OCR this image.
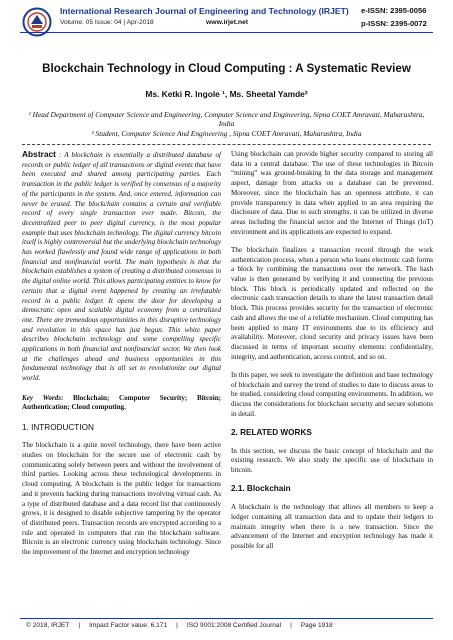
International Research Journal of Engineering and Technology (IRJET)
Volume: 05 Issue: 04 | Apr-2018	www.irjet.net
e-ISSN: 2395-0056
p-ISSN: 2395-0072
Blockchain Technology in Cloud Computing : A Systematic Review
Ms. Ketki R. Ingole ¹, Ms. Sheetal Yamde²
¹ Head Department of Computer Science and Engineering, Computer Science and Engineering, Sipna COET Amravati, Maharashtra, India
² Student, Computer Science And Engineering , Sipna COET Amravati, Maharashtra, India

Abstract : A blockchain is essentially a distributed database of records or public ledger of all transactions or digital events that have been executed and shared among participating parties. Each transaction in the public ledger is verified by consensus of a majority of the participants in the system. And, once entered, information can never be erased. The blockchain contains a certain and verifiable record of every single transaction ever made. Bitcoin, the decentralized peer to peer digital currency, is the most popular example that uses blockchain technology. The digital currency bitcoin itself is highly controversial but the underlying blockchain technology has worked flawlessly and found wide range of applications in both financial and nonfinancial world. The main hypothesis is that the blockchain establishes a system of creating a distributed consensus in the digital online world. This allows participating entities to know for certain that a digital event happened by creating an irrefutable record in a public ledger. It opens the door for developing a democratic open and scalable digital economy from a centralized one. There are tremendous opportunities in this disruptive technology and revolution in this space has just begun. This white paper describes blockchain technology and some compelling specific applications in both financial and nonfinancial sector. We then look at the challenges ahead and business opportunities in this fundamental technology that is all set to revolutionize our digital world.

Key Words: Blockchain; Computer Security; Bitcoin; Authentication; Cloud computing.

1. INTRODUCTION

The blockchain is a quite novel technology, there have been active studies on blockchain for the secure use of electronic cash by communicating solely between peers and without the involvement of third parties. Looking across these technological developments in cloud computing. A blockchain is the public ledger for transactions and it prevents hacking during transactions involving virtual cash. As a type of distributed database and a data record list that continuously grows, it is designed to disable subjective tampering by the operator of distributed peers. Transaction records are encrypted according to a rule and operated in computers that run the blockchain software. Bitcoin is an electronic currency using blockchain technology. Since the improvement of the Internet and encryption technology

Using blockchain can provide higher security compared to storing all data in a central database. The use of these technologies in Bitcoin “mining” was ground-breaking In the data storage and management aspect, damage from attacks on a database can be prevented. Moreover, since the blockchain has an openness attribute, it can provide transparency in data when applied to an area requiring the disclosure of data. Due to such strengths, it can be utilized in diverse areas including the financial sector and the Internet of Things (IoT) environment and its applications are expected to expand.

The blockchain finalizes a transaction record through the work authentication process, when a person who loans electronic cash forms a block by combining the transactions over the network. The hash value is then generated by verifying it and connecting the previous block. This block is periodically updated and reflected on the electronic cash transaction details to share the latest transaction detail block. This process provides security for the transaction of electronic cash and allows the use of a reliable mechanism. Cloud computing has been applied to many IT environments due to its efficiency and availability. Moreover, cloud security and privacy issues have been discussed in terms of important security elements: confidentiality, integrity, and authentication, access control, and so on.

In this paper, we seek to investigate the definition and base technology of blockchain and survey the trend of studies to date to discuss areas to be studied, considering cloud computing environments. In addition, we discuss the considerations for blockchain security and secure solutions in detail.

2. RELATED WORKS

In this section, we discuss the basic concept of blockchain and the existing research. We also study the specific use of blockchain in bitcoin.

2.1. Blockchain

A blockchain is the technology that allows all members to keep a ledger containing all transaction data and to update their ledgers to maintain integrity when there is a new transaction. Since the advancement of the Internet and encryption technology has made it possible for all

© 2018, IRJET | Impact Factor value: 6.171 | ISO 9001:2008 Certified Journal | Page 1918
